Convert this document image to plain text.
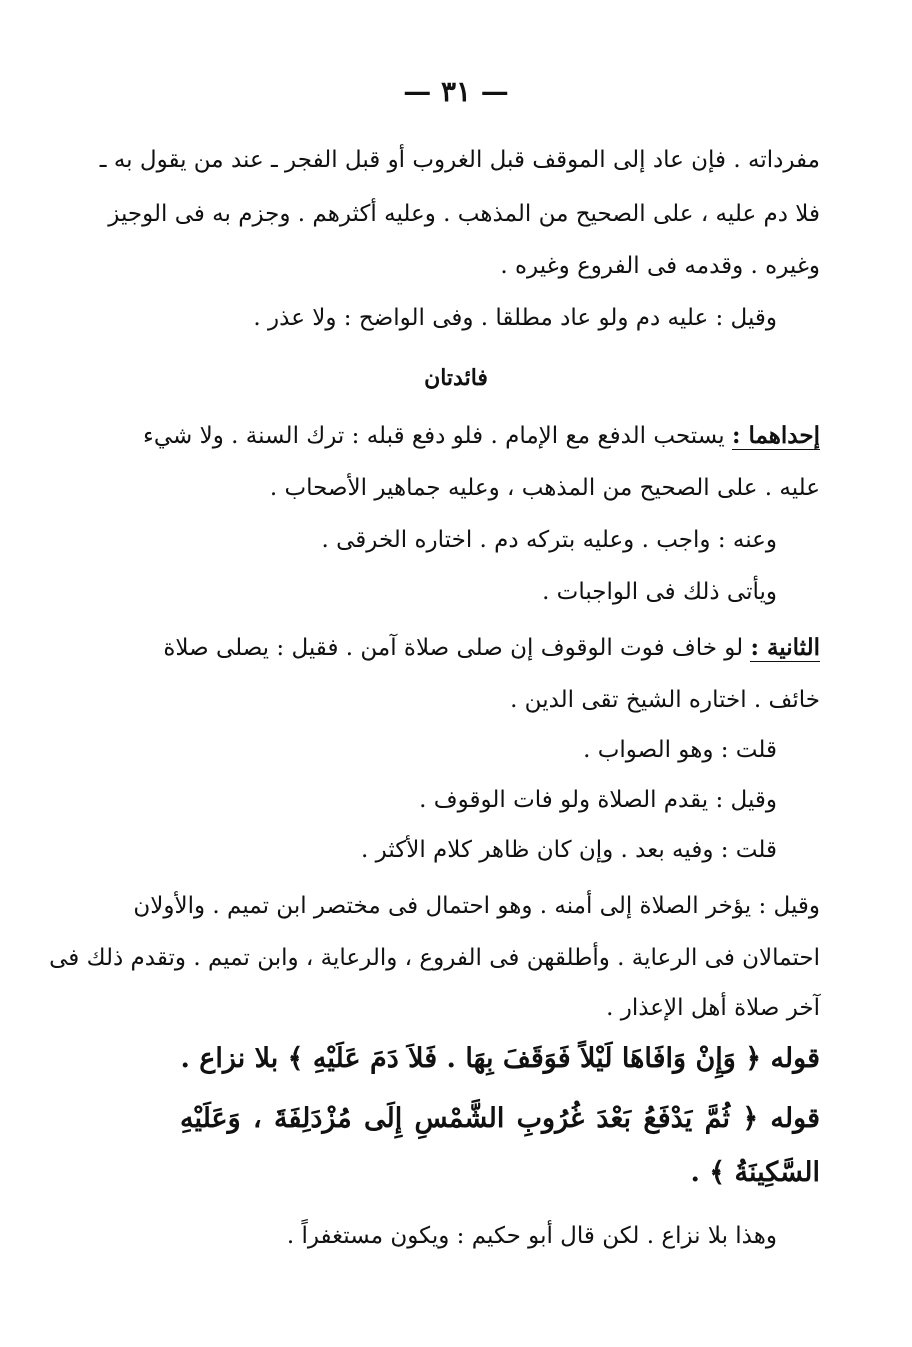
— ٣١ —
مفرداته . فإن عاد إلى الموقف قبل الغروب أو قبل الفجر ـ عند من يقول به ـ
فلا دم عليه ، على الصحيح من المذهب . وعليه أكثرهم . وجزم به فى الوجيز
وغيره . وقدمه فى الفروع وغيره .
وقيل : عليه دم ولو عاد مطلقا . وفى الواضح : ولا عذر .
فائدتان
إحداهما : يستحب الدفع مع الإمام . فلو دفع قبله : ترك السنة . ولا شيء
عليه . على الصحيح من المذهب ، وعليه جماهير الأصحاب .
وعنه : واجب . وعليه بتركه دم . اختاره الخرقى .
ويأتى ذلك فى الواجبات .
الثانية : لو خاف فوت الوقوف إن صلى صلاة آمن . فقيل : يصلى صلاة
خائف . اختاره الشيخ تقى الدين .
قلت : وهو الصواب .
وقيل : يقدم الصلاة ولو فات الوقوف .
قلت : وفيه بعد . وإن كان ظاهر كلام الأكثر .
وقيل : يؤخر الصلاة إلى أمنه . وهو احتمال فى مختصر ابن تميم . والأولان
احتمالان فى الرعاية . وأطلقهن فى الفروع ، والرعاية ، وابن تميم . وتقدم ذلك فى
آخر صلاة أهل الإعذار .
قوله ﴿ وَإِنْ وَافَاهَا لَيْلاً فَوَقَفَ بِهَا . فَلاَ دَمَ عَلَيْهِ ﴾ بلا نزاع .
قوله ﴿ ثُمَّ يَدْفَعُ بَعْدَ غُرُوبِ الشَّمْسِ إِلَى مُزْدَلِفَةَ ، وَعَلَيْهِ
السَّكِينَةُ ﴾ .
وهذا بلا نزاع . لكن قال أبو حكيم : ويكون مستغفراً .
